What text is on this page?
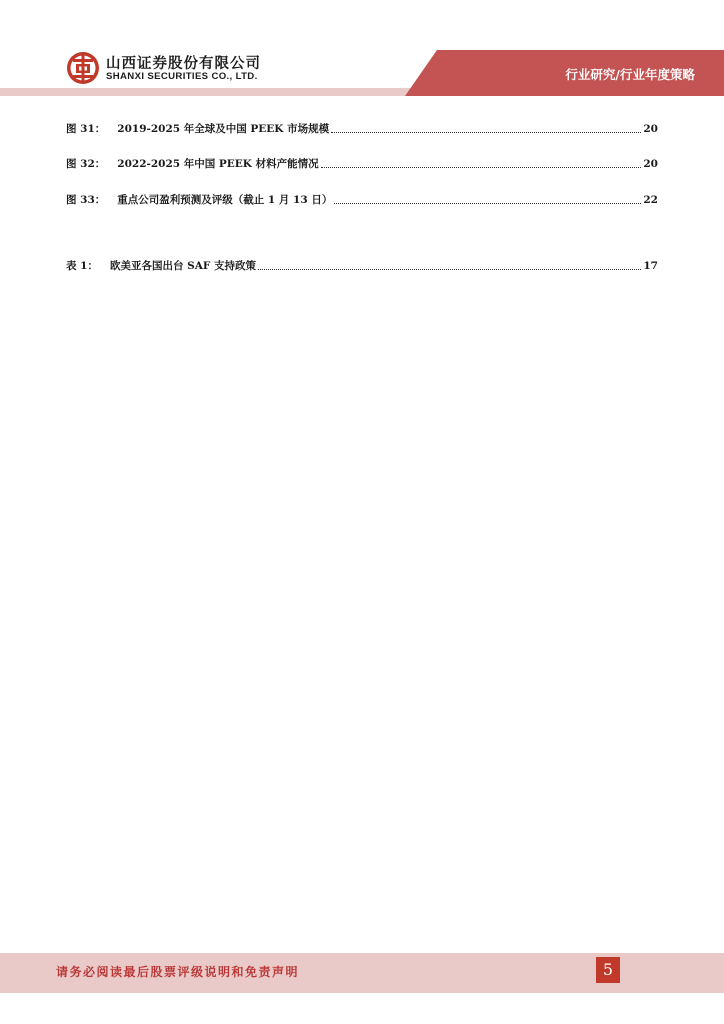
山西证券股份有限公司
SHANXI SECURITIES CO., LTD.	行业研究/行业年度策略
图 31： 2019-2025 年全球及中国 PEEK 市场规模	20
图 32： 2022-2025 年中国 PEEK 材料产能情况	20
图 33： 重点公司盈利预测及评级（截止 1 月 13 日）	22
表 1： 欧美亚各国出台 SAF 支持政策	17
请务必阅读最后股票评级说明和免责声明	5
